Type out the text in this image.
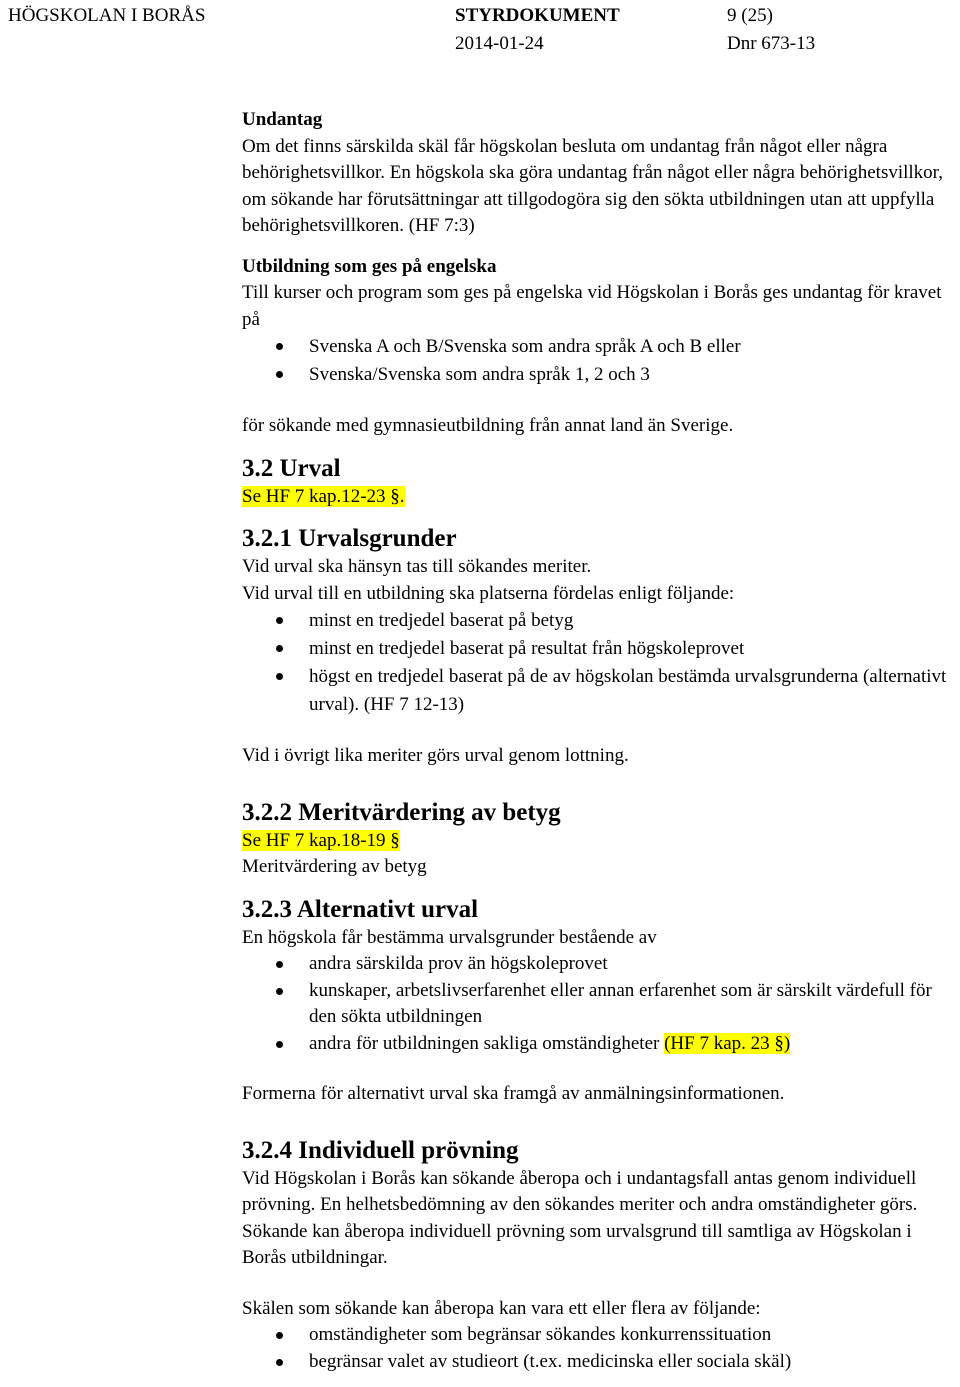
HÖGSKOLAN I BORÅS	STYRDOKUMENT	9 (25)
2014-01-24	Dnr 673-13

Undantag

Om det finns särskilda skäl får högskolan besluta om undantag från något eller några behörighetsvillkor. En högskola ska göra undantag från något eller några behörighetsvillkor, om sökande har förutsättningar att tillgodogöra sig den sökta utbildningen utan att uppfylla behörighetsvillkoren. (HF 7:3)

Utbildning som ges på engelska

Till kurser och program som ges på engelska vid Högskolan i Borås ges undantag för kravet på

Svenska A och B/Svenska som andra språk A och B eller
Svenska/Svenska som andra språk 1, 2 och 3

för sökande med gymnasieutbildning från annat land än Sverige.

3.2 Urval

Se HF 7 kap.12-23 §.

3.2.1 Urvalsgrunder

Vid urval ska hänsyn tas till sökandes meriter.

Vid urval till en utbildning ska platserna fördelas enligt följande:

minst en tredjedel baserat på betyg
minst en tredjedel baserat på resultat från högskoleprovet
högst en tredjedel baserat på de av högskolan bestämda urvalsgrunderna (alternativt urval). (HF 7 12-13)

Vid i övrigt lika meriter görs urval genom lottning.

3.2.2 Meritvärdering av betyg

Se HF 7 kap.18-19 §

Meritvärdering av betyg

3.2.3 Alternativt urval

En högskola får bestämma urvalsgrunder bestående av

andra särskilda prov än högskoleprovet
kunskaper, arbetslivserfarenhet eller annan erfarenhet som är särskilt värdefull för den sökta utbildningen
andra för utbildningen sakliga omständigheter (HF 7 kap. 23 §)

Formerna för alternativt urval ska framgå av anmälningsinformationen.

3.2.4 Individuell prövning

Vid Högskolan i Borås kan sökande åberopa och i undantagsfall antas genom individuell prövning. En helhetsbedömning av den sökandes meriter och andra omständigheter görs. Sökande kan åberopa individuell prövning som urvalsgrund till samtliga av Högskolan i Borås utbildningar.

Skälen som sökande kan åberopa kan vara ett eller flera av följande:

omständigheter som begränsar sökandes konkurrenssituation
begränsar valet av studieort (t.ex. medicinska eller sociala skäl)
